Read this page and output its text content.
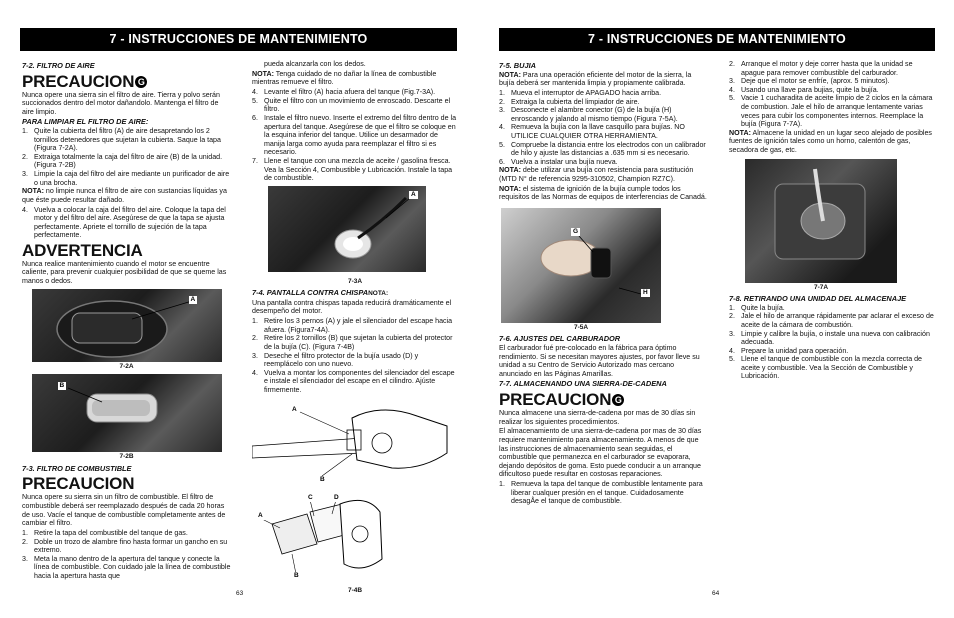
7 - INSTRUCCIONES DE MANTENIMIENTO
7-2. FILTRO DE AIRE
PRECAUCION G

Nunca opere una sierra sin el filtro de aire. Tierra y polvo serán succionados dentro del motor dañandolo. Mantenga el filtro de aire limpio.

PARA LIMPIAR EL FILTRO DE AIRE:
1. Quite la cubierta del filtro (A) de aire desapretando los 2 tornillos detenedores que sujetan la cubierta. Saque la tapa (Figura 7-2A).
2. Extraiga totalmente la caja del filtro de aire (B) de la unidad. (Figura 7-2B)
3. Limpie la caja del filtro del aire mediante un purificador de aire o una brocha.

NOTA: no limpie nunca el filtro de aire con sustancias líquidas ya que éste puede resultar dañado.

4. Vuelva a colocar la caja del filtro del aire. Coloque la tapa del motor y del filtro del aire. Asegúrese de que la tapa se ajusta perfectamente. Apriete el tornillo de sujeción de la tapa perfectamente.
ADVERTENCIA

Nunca realice mantenimiento cuando el motor se encuentre caliente, para prevenir cualquier posibilidad de que se queme las manos o dedos.

A
7-2A
B
7-2B
7-3. FILTRO DE COMBUSTIBLE
PRECAUCION

Nunca opere su sierra sin un filtro de combustible. El filtro de combustible deberá ser reemplazado después de cada 20 horas de uso. Vacíe el tanque de combustible completamente antes de cambiar el filtro.

1. Retire la tapa del combustible del tanque de gas.
2. Doble un trozo de alambre fino hasta formar un gancho en su extremo.
3. Meta la mano dentro de la apertura del tanque y conecte la línea de combustible. Con cuidado jale la línea de combustible hacia la apertura hasta que

pueda alcanzarla con los dedos.

NOTA: Tenga cuidado de no dañar la línea de combustible mientras remueve el filtro.

4. Levante el filtro (A) hacia afuera del tanque (Fig.7-3A).
5. Quite el filtro con un movimiento de enroscado. Descarte el filtro.
6. Instale el filtro nuevo. Inserte el extremo del filtro dentro de la apertura del tanque. Asegúrese de que el filtro se coloque en la esquina inferior del tanque. Utilice un desarmador de manija larga como ayuda para reemplazar el filtro si es necesario.
7. Llene el tanque con una mezcla de aceite / gasolina fresca. Vea la Sección 4, Combustible y Lubricación. Instale la tapa de combustible.
A
7-3A
7-4. PANTALLA CONTRA CHISPANOTA:

Una pantalla contra chispas tapada reducirá dramáticamente el desempeño del motor.

1. Retire los 3 pernos (A) y jale el silenciador del escape hacia afuera. (Figura7-4A).
2. Retire los 2 tornillos (B) que sujetan la cubierta del protector de la bujía (C). (Figura 7-4B)
3. Deseche el filtro protector de la bujía usado (D) y reemplácelo con uno nuevo.
4. Vuelva a montar los componentes del silenciador del escape e instale el silenciador del escape en el cilindro. Ajúste firmemente.
A
B
A
B
C	D
7-4B
63
7 - INSTRUCCIONES DE MANTENIMIENTO
7-5. BUJIA

NOTA: Para una operación eficiente del motor de la sierra, la bujía deberá ser mantenida limpia y propiamente calibrada.

1. Mueva el interruptor de APAGADO hacia arriba.
2. Extraiga la cubierta del limpiador de aire.
3. Desconecte el alambre conector (G) de la bujía (H) enroscando y jalando al mismo tiempo (Figura 7-5A).
4. Remueva la bujía con la llave casquillo para bujías. NO UTILICE CUALQUIER OTRA HERRAMIENTA.
5. Compruebe la distancia entre los electrodos con un calibrador de hilo y ajuste las distancias a .635 mm si es necesario.
6. Vuelva a instalar una bujía nueva.

NOTA: debe utilizar una bujía con resistencia para sustitución (MTD N° de referencia 9295-310502, Champion RZ7C).

NOTA: el sistema de ignición de la bujía cumple todos los requisitos de las Normas de equipos de interferencias de Canadá.

G
H
7-5A
7-6. AJUSTES DEL CARBURADOR

El carburador fué pre-colocado en la fábrica para óptimo rendimiento. Si se necesitan mayores ajustes, por favor lleve su unidad a su Centro de Servicio Autorizado mas cercano anunciado en las Páginas Amarillas.

7-7. ALMACENANDO UNA SIERRA-DE-CADENA
PRECAUCION G

Nunca almacene una sierra-de-cadena por mas de 30 días sin realizar los siguientes procedimientos.

El almacenamiento de una sierra-de-cadena por mas de 30 días requiere mantenimiento para almacenamiento. A menos de que las instrucciones de almacenamiento sean seguidas, el combustible que permanezca en el carburador se evaporara, dejando depósitos de goma. Esto puede conducir a un arranque dificultoso puede resultar en costosas reparaciones.

1. Remueva la tapa del tanque de combustible lentamente para liberar cualquer presión en el tanque. Cuidadosamente desagÅe el tanque de combustible.
2. Arranque el motor y deje correr hasta que la unidad se apague para remover combustible del carburador.
3. Deje que el motor se enfríe, (aprox. 5 minutos).
4. Usando una llave para bujias, quite la bujía.
5. Vacie 1 cucharadita de aceite limpio de 2 ciclos en la cámara de combustion. Jale el hilo de arranque lentamente varias veces para cubir los componentes internos. Reemplace la bujía (Figura 7-7A).

NOTA: Almacene la unidad en un lugar seco alejado de posibles fuentes de ignición tales como un horno, calentón de gas, secadora de gas, etc.

7-7A
7-8. RETIRANDO UNA UNIDAD DEL ALMACENAJE
1. Quite la bujía.
2. Jale el hilo de arranque rápidamente par aclarar el exceso de aceite de la cámara de combustión.
3. Limpie y calibre la bujía, o instale una nueva con calibración adecuada.
4. Prepare la unidad para operación.
5. Llene el tanque de combustible con la mezcla correcta de aceite y combustible. Vea la Sección de Combustible y Lubricación.
64
